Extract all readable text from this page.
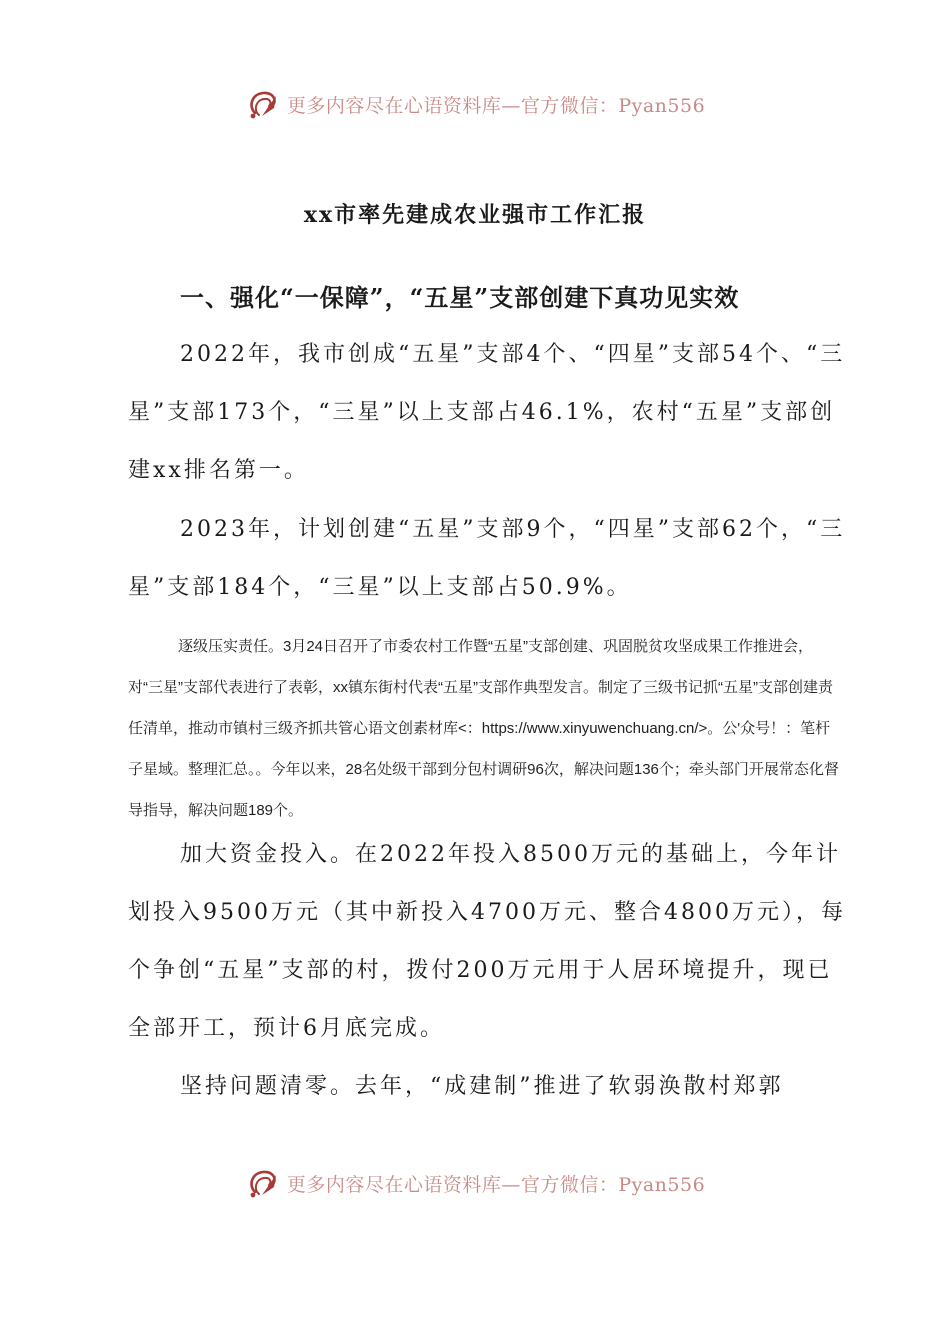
更多内容尽在心语资料库—官方微信：Pyan556
xx市率先建成农业强市工作汇报
一、强化“一保障”，“五星”支部创建下真功见实效

2022年，我市创成“五星”支部4个、“四星”支部54个、“三星”支部173个，“三星”以上支部占46.1%，农村“五星”支部创建xx排名第一。

2023年，计划创建“五星”支部9个，“四星”支部62个，“三星”支部184个，“三星”以上支部占50.9%。

逐级压实责任。3月24日召开了市委农村工作暨“五星”支部创建、巩固脱贫攻坚成果工作推进会，对“三星”支部代表进行了表彰，xx镇东街村代表“五星”支部作典型发言。制定了三级书记抓“五星”支部创建责任清单，推动市镇村三级齐抓共管心语文创素材库<：https://www.xinyuwenchuang.cn/>。公'众号！：笔杆子星域。整理汇总。。今年以来，28名处级干部到分包村调研96次，解决问题136个；牵头部门开展常态化督导指导，解决问题189个。

加大资金投入。在2022年投入8500万元的基础上，今年计划投入9500万元（其中新投入4700万元、整合4800万元），每个争创“五星”支部的村，拨付200万元用于人居环境提升，现已全部开工，预计6月底完成。

坚持问题清零。去年，“成建制”推进了软弱涣散村郑郭

更多内容尽在心语资料库—官方微信：Pyan556
